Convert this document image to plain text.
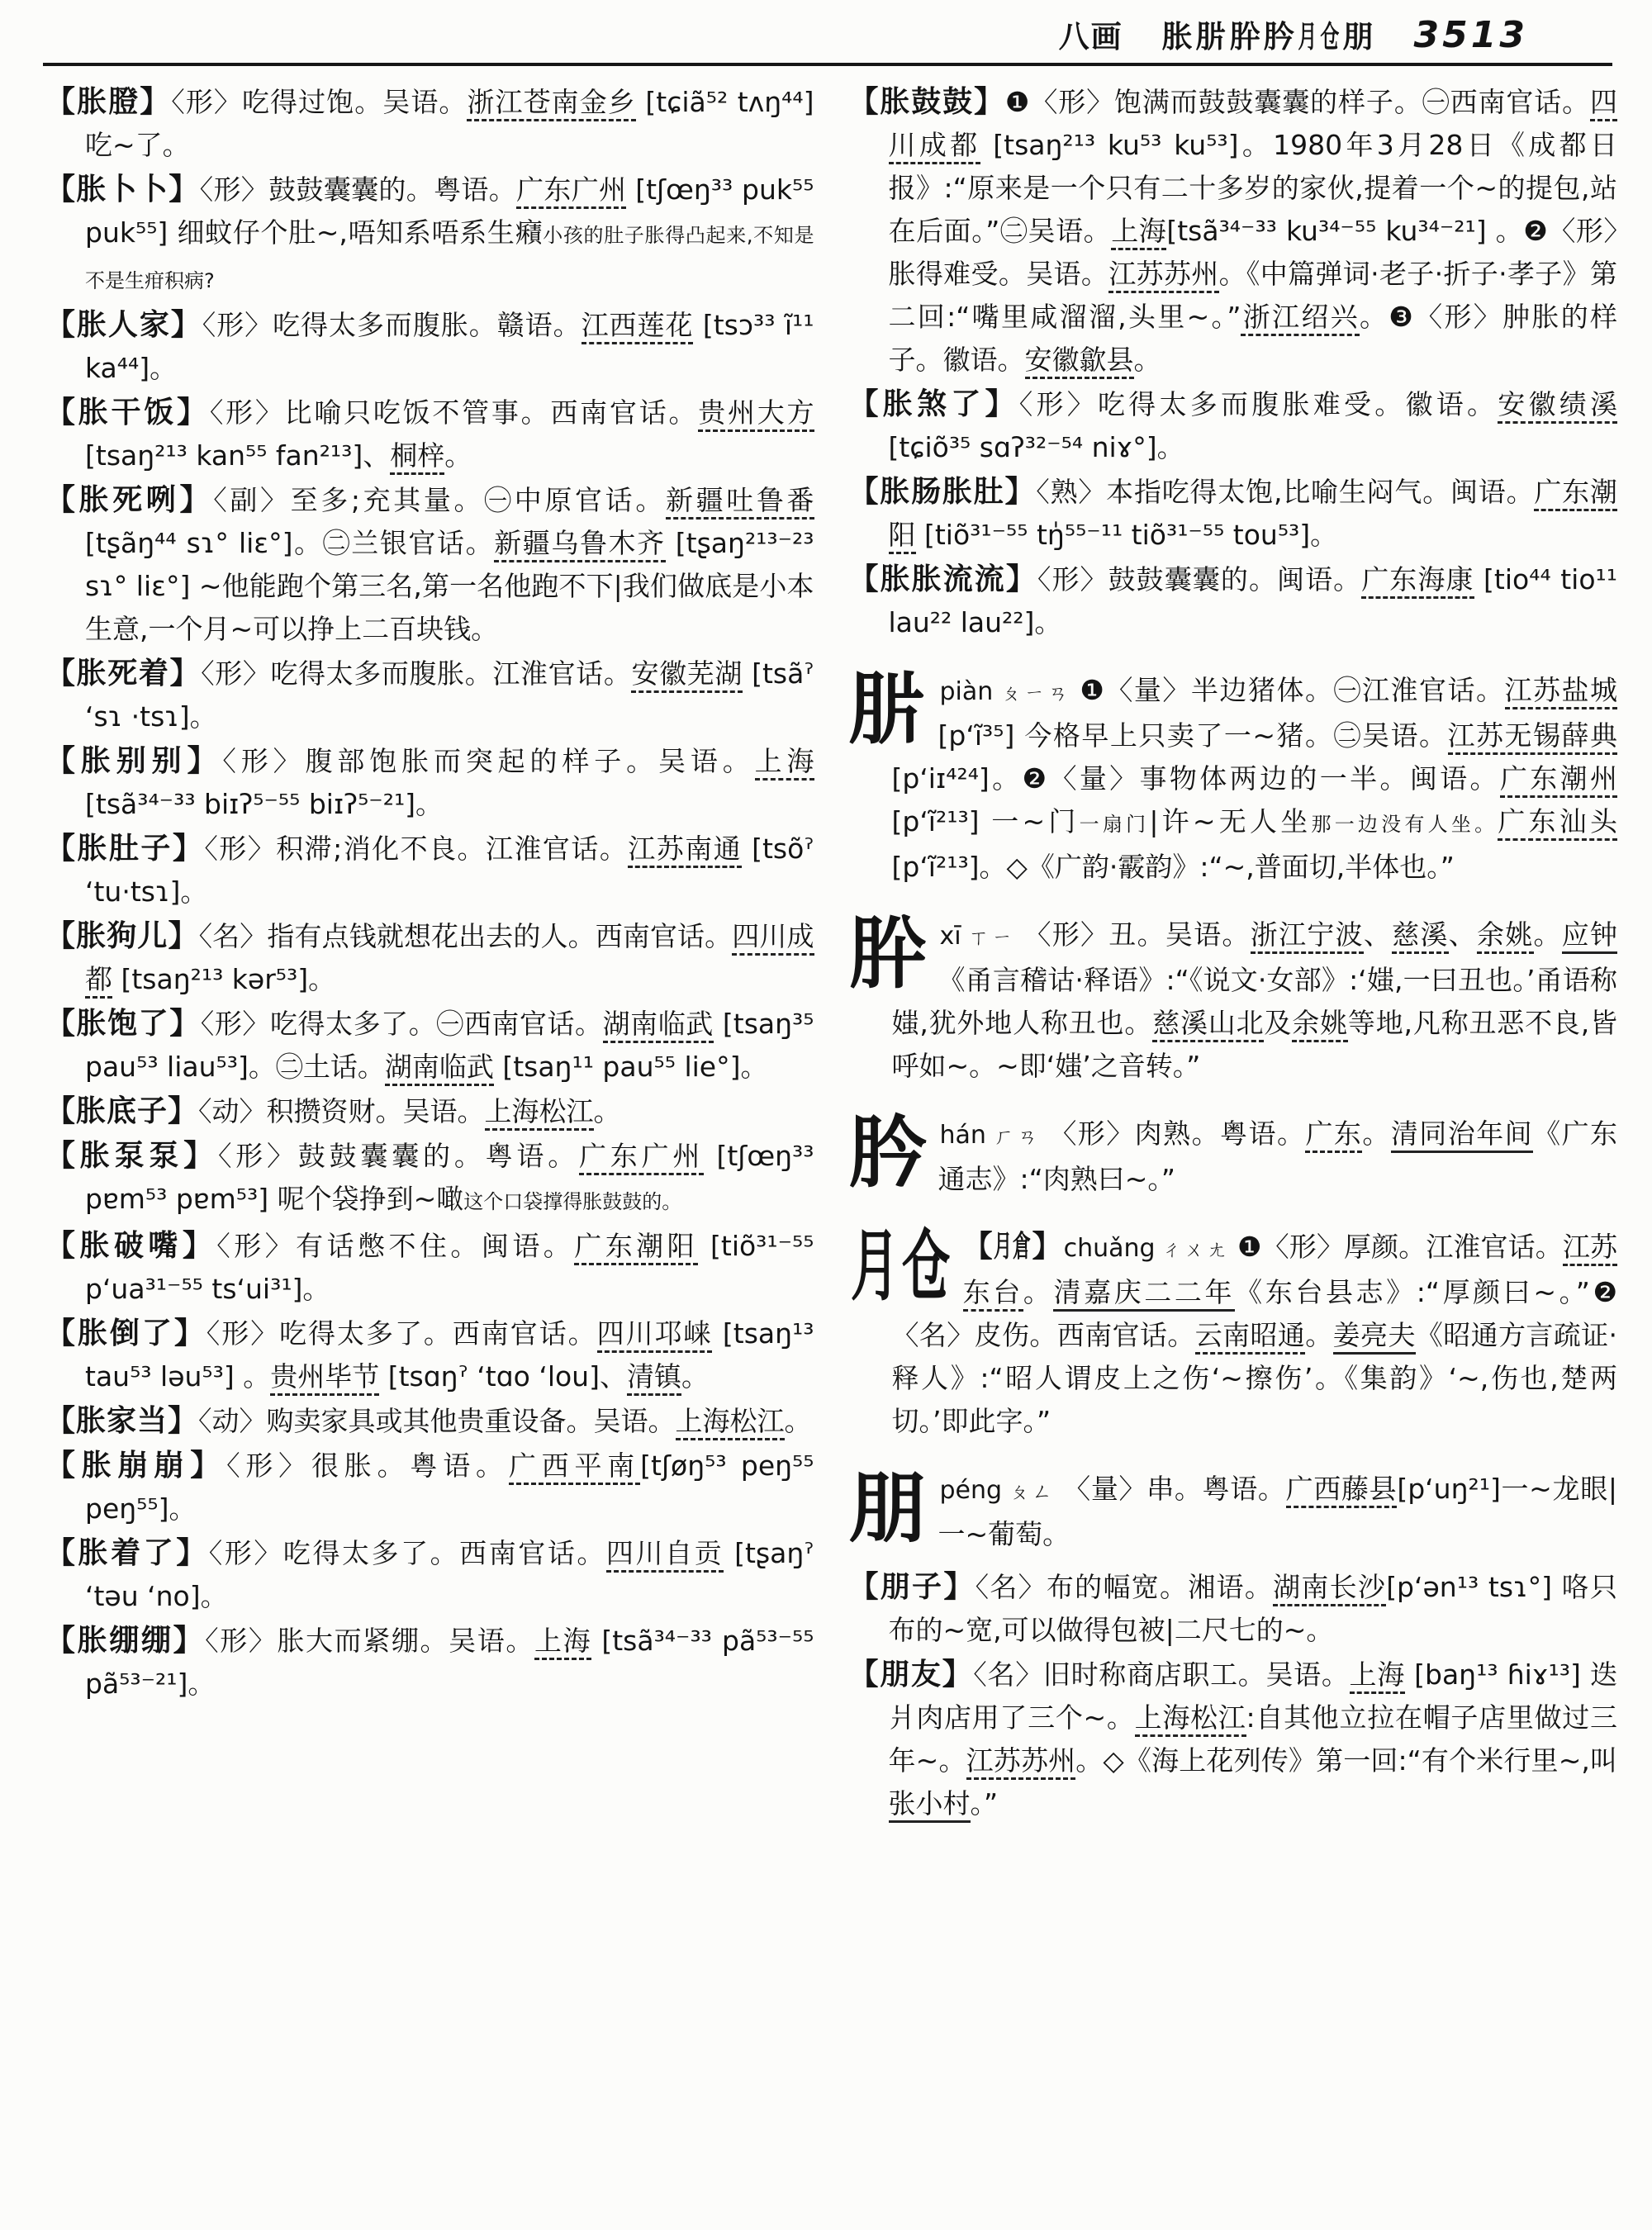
八画 胀䏒肸肣月仓朋 3513

【胀膯】〈形〉吃得过饱。吴语。浙江苍南金乡 [tɕiã⁵² tʌŋ⁴⁴] 吃~了。

【胀卜卜】〈形〉鼓鼓囊囊的。粤语。广东广州 [tʃœŋ³³ puk⁵⁵ puk⁵⁵] 细蚊仔个肚~,唔知系唔系生癪小孩的肚子胀得凸起来,不知是不是生疳积病?

【胀人家】〈形〉吃得太多而腹胀。赣语。江西莲花 [tsɔ³³ ĩ¹¹ ka⁴⁴]。

【胀干饭】〈形〉比喻只吃饭不管事。西南官话。贵州大方 [tsaŋ²¹³ kan⁵⁵ fan²¹³]、桐梓。

【胀死咧】〈副〉至多;充其量。㊀中原官话。新疆吐鲁番 [tʂãŋ⁴⁴ sɿ° liɛ°]。㊁兰银官话。新疆乌鲁木齐 [tʂaŋ²¹³⁻²³ sɿ° liɛ°] ~他能跑个第三名,第一名他跑不下|我们做底是小本生意,一个月~可以挣上二百块钱。

【胀死着】〈形〉吃得太多而腹胀。江淮官话。安徽芜湖 [tsãˀ ʻsɿ ·tsɿ]。

【胀别别】〈形〉腹部饱胀而突起的样子。吴语。上海 [tsã³⁴⁻³³ biɪʔ⁵⁻⁵⁵ biɪʔ⁵⁻²¹]。

【胀肚子】〈形〉积滞;消化不良。江淮官话。江苏南通 [tsõˀ ʻtu·tsɿ]。

【胀狗儿】〈名〉指有点钱就想花出去的人。西南官话。四川成都 [tsaŋ²¹³ kər⁵³]。

【胀饱了】〈形〉吃得太多了。㊀西南官话。湖南临武 [tsaŋ³⁵ pau⁵³ liau⁵³]。㊁土话。湖南临武 [tsaŋ¹¹ pau⁵⁵ lie°]。

【胀底子】〈动〉积攒资财。吴语。上海松江。

【胀泵泵】〈形〉鼓鼓囊囊的。粤语。广东广州 [tʃœŋ³³ pɐm⁵³ pɐm⁵³] 呢个袋挣到~噉这个口袋撑得胀鼓鼓的。

【胀破嘴】〈形〉有话憋不住。闽语。广东潮阳 [tiõ³¹⁻⁵⁵ pʻua³¹⁻⁵⁵ tsʻui³¹]。

【胀倒了】〈形〉吃得太多了。西南官话。四川邛崃 [tsaŋ¹³ tau⁵³ ləu⁵³] 。贵州毕节 [tsɑŋˀ ʻtɑo ʻlou]、清镇。

【胀家当】〈动〉购卖家具或其他贵重设备。吴语。上海松江。

【胀崩崩】〈形〉很胀。粤语。广西平南[tʃøŋ⁵³ peŋ⁵⁵ peŋ⁵⁵]。

【胀着了】〈形〉吃得太多了。西南官话。四川自贡 [tʂaŋˀ ʻtəu ʻno]。

【胀绷绷】〈形〉胀大而紧绷。吴语。上海 [tsã³⁴⁻³³ pã⁵³⁻⁵⁵ pã⁵³⁻²¹]。

【胀鼓鼓】❶〈形〉饱满而鼓鼓囊囊的样子。㊀西南官话。四川成都 [tsaŋ²¹³ ku⁵³ ku⁵³]。1980年3月28日《成都日报》:“原来是一个只有二十多岁的家伙,提着一个~的提包,站在后面。”㊁吴语。上海[tsã³⁴⁻³³ ku³⁴⁻⁵⁵ ku³⁴⁻²¹] 。❷〈形〉胀得难受。吴语。江苏苏州。《中篇弹词·老子·折子·孝子》第二回:“嘴里咸溜溜,头里~。”浙江绍兴。❸〈形〉肿胀的样子。徽语。安徽歙县。

【胀煞了】〈形〉吃得太多而腹胀难受。徽语。安徽绩溪 [tɕiõ³⁵ sɑʔ³²⁻⁵⁴ niɤ°]。

【胀肠胀肚】〈熟〉本指吃得太饱,比喻生闷气。闽语。广东潮阳 [tiõ³¹⁻⁵⁵ tŋ̍⁵⁵⁻¹¹ tiõ³¹⁻⁵⁵ tou⁵³]。

【胀胀流流】〈形〉鼓鼓囊囊的。闽语。广东海康 [tio⁴⁴ tio¹¹ lau²² lau²²]。

䏒piàn ㄆㄧㄢ ❶〈量〉半边猪体。㊀江淮官话。江苏盐城 [pʻĩ³⁵] 今格早上只卖了一~猪。㊁吴语。江苏无锡薛典 [pʻiɪ⁴²⁴]。❷〈量〉事物体两边的一半。闽语。广东潮州 [pʻĩ²¹³] 一~门一扇门|许~无人坐那一边没有人坐。广东汕头 [pʻĩ²¹³]。◇《广韵·霰韵》:“~,普面切,半体也。”

肸xī ㄒㄧ 〈形〉丑。吴语。浙江宁波、慈溪、余姚。应钟《甬言稽诂·释语》:“《说文·女部》:‘媸,一曰丑也。’甬语称媸,犹外地人称丑也。慈溪山北及余姚等地,凡称丑恶不良,皆呼如~。~即‘媸’之音转。”

肣hán ㄏㄢ 〈形〉肉熟。粤语。广东。清同治年间《广东通志》:“肉熟曰~。”

月仓 【月倉】chuǎng ㄔㄨㄤ ❶〈形〉厚颜。江淮官话。江苏东台。清嘉庆二二年《东台县志》:“厚颜曰~。”❷〈名〉皮伤。西南官话。云南昭通。姜亮夫《昭通方言疏证·释人》:“昭人谓皮上之伤‘~擦伤’。《集韵》‘~,伤也,楚两切。’即此字。”

朋péng ㄆㄥ 〈量〉串。粤语。广西藤县[pʻuŋ²¹]一~龙眼|一~葡萄。

【朋子】〈名〉布的幅宽。湘语。湖南长沙[pʻən¹³ tsɿ°] 咯只布的~宽,可以做得包被|二尺七的~。

【朋友】〈名〉旧时称商店职工。吴语。上海 [baŋ¹³ ɦiɤ¹³] 迭爿肉店用了三个~。上海松江:自其他立拉在帽子店里做过三年~。江苏苏州。◇《海上花列传》第一回:“有个米行里~,叫张小村。”
